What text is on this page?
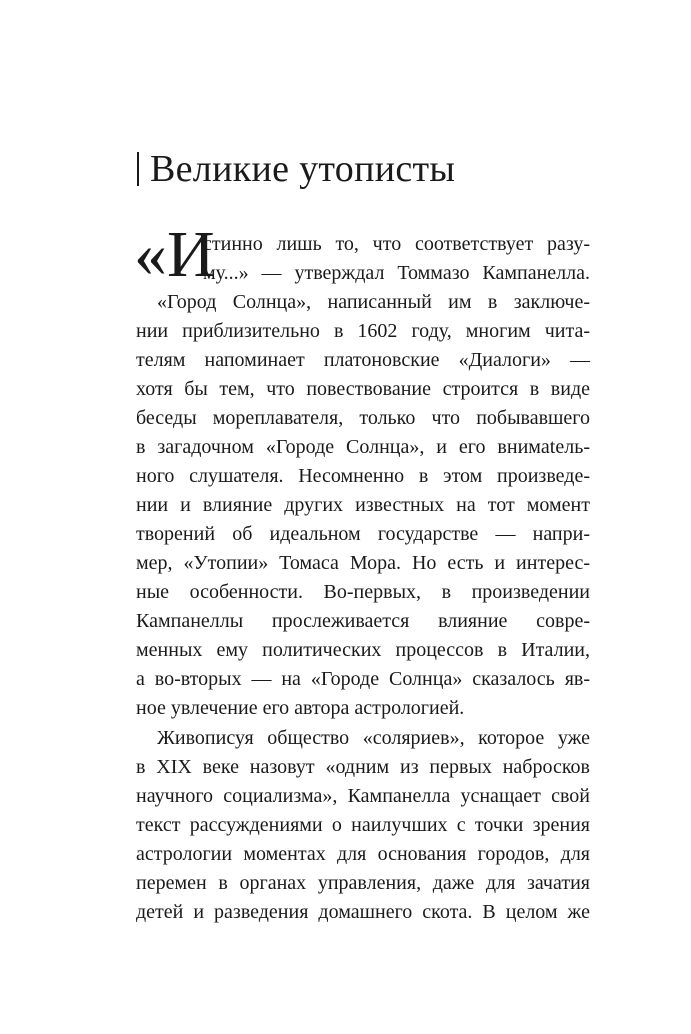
Великие утописты
«И
стинно лишь то, что соответствует разу-
му...» — утверждал Томмазо Кампанелла.
«Город Солнца», написанный им в заключе-
нии приблизительно в 1602 году, многим чита-
телям напоминает платоновские «Диалоги» —
хотя бы тем, что повествование строится в виде
беседы мореплавателя, только что побывавшего
в загадочном «Городе Солнца», и его внимatель-
ного слушателя. Несомненно в этом произведе-
нии и влияние других известных на тот момент
творений об идеальном государстве — напри-
мер, «Утопии» Томаса Мора. Но есть и интерес-
ные особенности. Во-первых, в произведении
Кампанеллы прослеживается влияние совре-
менных ему политических процессов в Италии,
а во-вторых — на «Городе Солнца» сказалось яв-
ное увлечение его автора астрологией.
Живописуя общество «соляриев», которое уже
в XIX веке назовут «одним из первых набросков
научного социализма», Кампанелла уснащает свой
текст рассуждениями о наилучших с точки зрения
астрологии моментах для основания городов, для
перемен в органах управления, даже для зачатия
детей и разведения домашнего скота. В целом же
